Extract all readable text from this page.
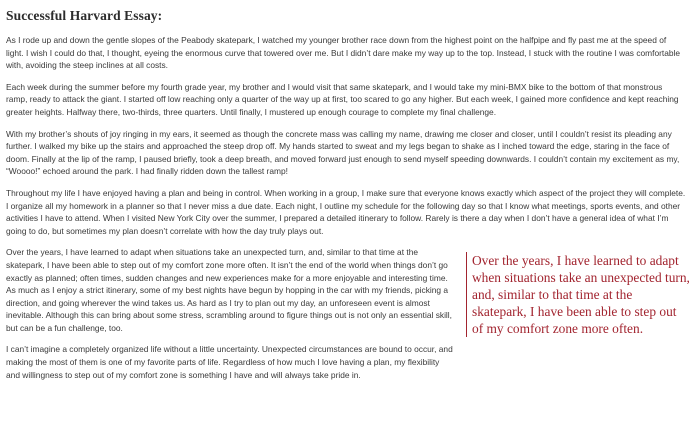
Successful Harvard Essay:

As I rode up and down the gentle slopes of the Peabody skatepark, I watched my younger brother race down from the highest point on the halfpipe and fly past me at the speed of light. I wish I could do that, I thought, eyeing the enormous curve that towered over me. But I didn’t dare make my way up to the top. Instead, I stuck with the routine I was comfortable with, avoiding the steep inclines at all costs.

Each week during the summer before my fourth grade year, my brother and I would visit that same skatepark, and I would take my mini-BMX bike to the bottom of that monstrous ramp, ready to attack the giant. I started off low reaching only a quarter of the way up at first, too scared to go any higher. But each week, I gained more confidence and kept reaching greater heights. Halfway there, two-thirds, three quarters. Until finally, I mustered up enough courage to complete my final challenge.

With my brother’s shouts of joy ringing in my ears, it seemed as though the concrete mass was calling my name, drawing me closer and closer, until I couldn’t resist its pleading any further. I walked my bike up the stairs and approached the steep drop off. My hands started to sweat and my legs began to shake as I inched toward the edge, staring in the face of doom. Finally at the lip of the ramp, I paused briefly, took a deep breath, and moved forward just enough to send myself speeding downwards. I couldn’t contain my excitement as my, “Woooo!” echoed around the park. I had finally ridden down the tallest ramp!

Throughout my life I have enjoyed having a plan and being in control. When working in a group, I make sure that everyone knows exactly which aspect of the project they will complete. I organize all my homework in a planner so that I never miss a due date. Each night, I outline my schedule for the following day so that I know what meetings, sports events, and other activities I have to attend. When I visited New York City over the summer, I prepared a detailed itinerary to follow. Rarely is there a day when I don’t have a general idea of what I’m going to do, but sometimes my plan doesn’t correlate with how the day truly plays out.

Over the years, I have learned to adapt when situations take an unexpected turn, and, similar to that time at the skatepark, I have been able to step out of my comfort zone more often. It isn’t the end of the world when things don’t go exactly as planned; often times, sudden changes and new experiences make for a more enjoyable and interesting time. As much as I enjoy a strict itinerary, some of my best nights have begun by hopping in the car with my friends, picking a direction, and going wherever the wind takes us. As hard as I try to plan out my day, an unforeseen event is almost inevitable. Although this can bring about some stress, scrambling around to figure things out is not only an essential skill, but can be a fun challenge, too.

I can’t imagine a completely organized life without a little uncertainty. Unexpected circumstances are bound to occur, and making the most of them is one of my favorite parts of life. Regardless of how much I love having a plan, my flexibility and willingness to step out of my comfort zone is something I have and will always take pride in.

Over the years, I have learned to adapt when situations take an unexpected turn, and, similar to that time at the skatepark, I have been able to step out of my comfort zone more often.
